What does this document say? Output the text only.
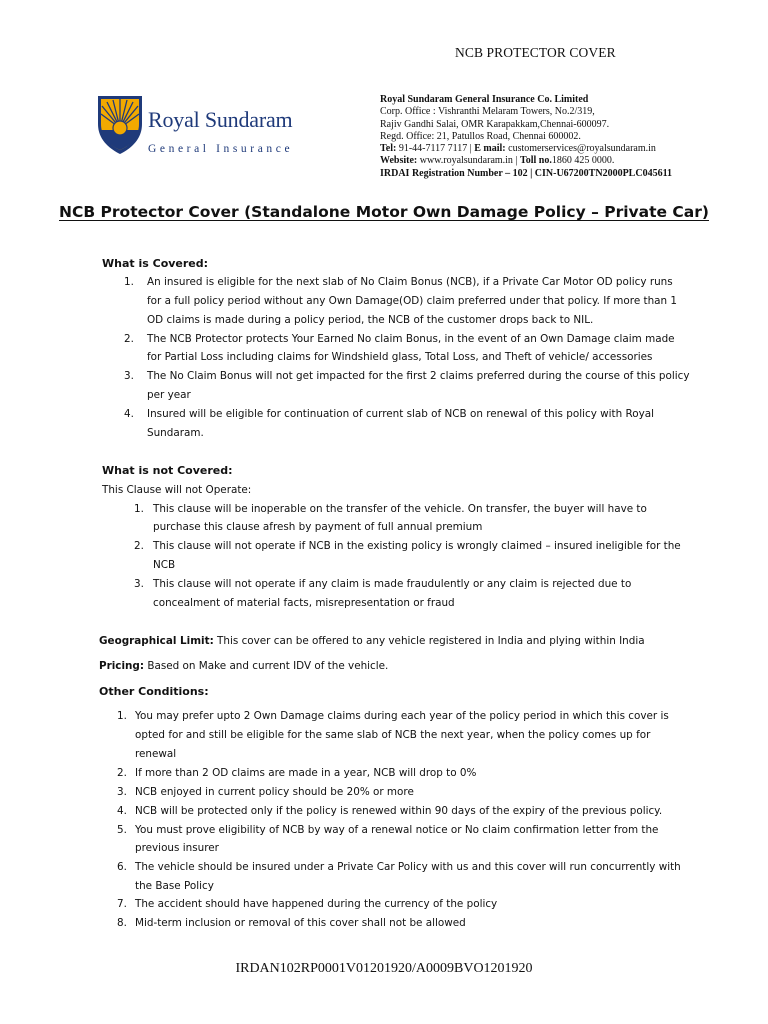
NCB PROTECTOR COVER
Royal Sundaram
General Insurance
Royal Sundaram General Insurance Co. Limited
Corp. Office : Vishranthi Melaram Towers, No.2/319,
Rajiv Gandhi Salai, OMR Karapakkam,Chennai-600097.
Regd. Office: 21, Patullos Road, Chennai 600002.
Tel: 91-44-7117 7117 | E mail: customerservices@royalsundaram.in
Website: www.royalsundaram.in | Toll no.1860 425 0000.
IRDAI Registration Number – 102 | CIN-U67200TN2000PLC045611
NCB Protector Cover (Standalone Motor Own Damage Policy – Private Car)
What is Covered:
1. An insured is eligible for the next slab of No Claim Bonus (NCB), if a Private Car Motor OD policy runs
for a full policy period without any Own Damage(OD) claim preferred under that policy. If more than 1
OD claims is made during a policy period, the NCB of the customer drops back to NIL.
2. The NCB Protector protects Your Earned No claim Bonus, in the event of an Own Damage claim made
for Partial Loss including claims for Windshield glass, Total Loss, and Theft of vehicle/ accessories
3. The No Claim Bonus will not get impacted for the first 2 claims preferred during the course of this policy
per year
4. Insured will be eligible for continuation of current slab of NCB on renewal of this policy with Royal
Sundaram.
What is not Covered:
This Clause will not Operate:
1. This clause will be inoperable on the transfer of the vehicle. On transfer, the buyer will have to
purchase this clause afresh by payment of full annual premium
2. This clause will not operate if NCB in the existing policy is wrongly claimed – insured ineligible for the
NCB
3. This clause will not operate if any claim is made fraudulently or any claim is rejected due to
concealment of material facts, misrepresentation or fraud
Geographical Limit: This cover can be offered to any vehicle registered in India and plying within India
Pricing: Based on Make and current IDV of the vehicle.
Other Conditions:
1. You may prefer upto 2 Own Damage claims during each year of the policy period in which this cover is
opted for and still be eligible for the same slab of NCB the next year, when the policy comes up for
renewal
2. If more than 2 OD claims are made in a year, NCB will drop to 0%
3. NCB enjoyed in current policy should be 20% or more
4. NCB will be protected only if the policy is renewed within 90 days of the expiry of the previous policy.
5. You must prove eligibility of NCB by way of a renewal notice or No claim confirmation letter from the
previous insurer
6. The vehicle should be insured under a Private Car Policy with us and this cover will run concurrently with
the Base Policy
7. The accident should have happened during the currency of the policy
8. Mid-term inclusion or removal of this cover shall not be allowed
IRDAN102RP0001V01201920/A0009BVO1201920
